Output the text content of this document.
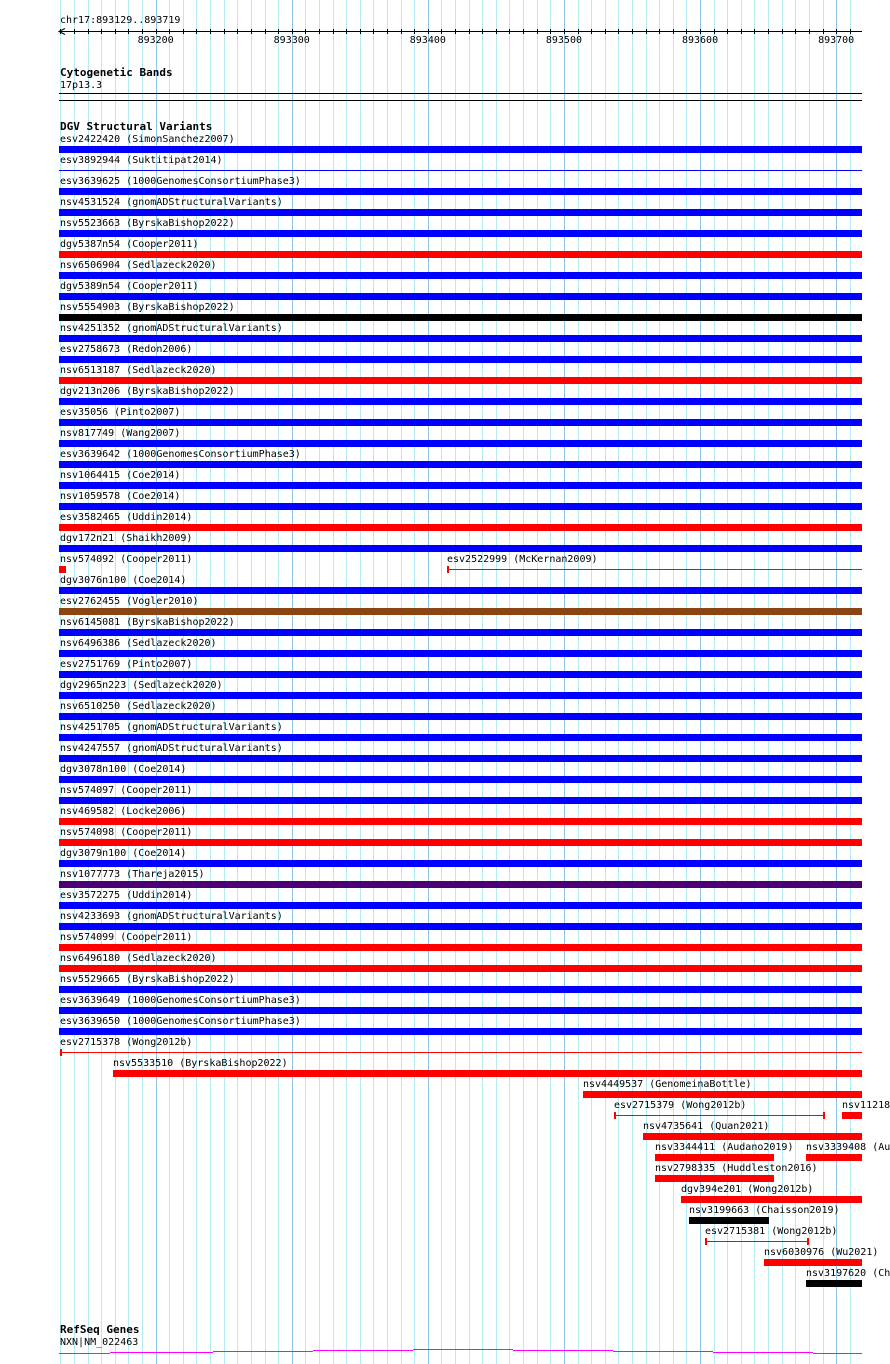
chr17:893129..893719
893200	893300	893400	893500	893600	893700
Cytogenetic Bands
17p13.3
DGV Structural Variants
esv2422420 (SimonSanchez2007)
esv3892944 (Suktitipat2014)
esv3639625 (1000GenomesConsortiumPhase3)
nsv4531524 (gnomADStructuralVariants)
nsv5523663 (ByrskaBishop2022)
dgv5387n54 (Cooper2011)
nsv6506904 (Sedlazeck2020)
dgv5389n54 (Cooper2011)
nsv5554903 (ByrskaBishop2022)
nsv4251352 (gnomADStructuralVariants)
esv2758673 (Redon2006)
nsv6513187 (Sedlazeck2020)
dgv213n206 (ByrskaBishop2022)
esv35056 (Pinto2007)
nsv817749 (Wang2007)
esv3639642 (1000GenomesConsortiumPhase3)
nsv1064415 (Coe2014)
nsv1059578 (Coe2014)
esv3582465 (Uddin2014)
dgv172n21 (Shaikh2009)
nsv574092 (Cooper2011)	esv2522999 (McKernan2009)
dgv3076n100 (Coe2014)
esv2762455 (Vogler2010)
nsv6145081 (ByrskaBishop2022)
nsv6496386 (Sedlazeck2020)
esv2751769 (Pinto2007)
dgv2965n223 (Sedlazeck2020)
nsv6510250 (Sedlazeck2020)
nsv4251705 (gnomADStructuralVariants)
nsv4247557 (gnomADStructuralVariants)
dgv3078n100 (Coe2014)
nsv574097 (Cooper2011)
nsv469582 (Locke2006)
nsv574098 (Cooper2011)
dgv3079n100 (Coe2014)
nsv1077773 (Thareja2015)
esv3572275 (Uddin2014)
nsv4233693 (gnomADStructuralVariants)
nsv574099 (Cooper2011)
nsv6496180 (Sedlazeck2020)
nsv5529665 (ByrskaBishop2022)
esv3639649 (1000GenomesConsortiumPhase3)
esv3639650 (1000GenomesConsortiumPhase3)
esv2715378 (Wong2012b)
nsv5533510 (ByrskaBishop2022)
nsv4449537 (GenomeinaBottle)
esv2715379 (Wong2012b)	nsv11218
nsv4735641 (Quan2021)
nsv3344411 (Audano2019) nsv3339408 (Au
nsv2798335 (Huddleston2016)
dgv394e201 (Wong2012b)
nsv3199663 (Chaisson2019)
esv2715381 (Wong2012b)
nsv6030976 (Wu2021)
nsv3197620 (Ch
RefSeq Genes
NXN|NM_022463
